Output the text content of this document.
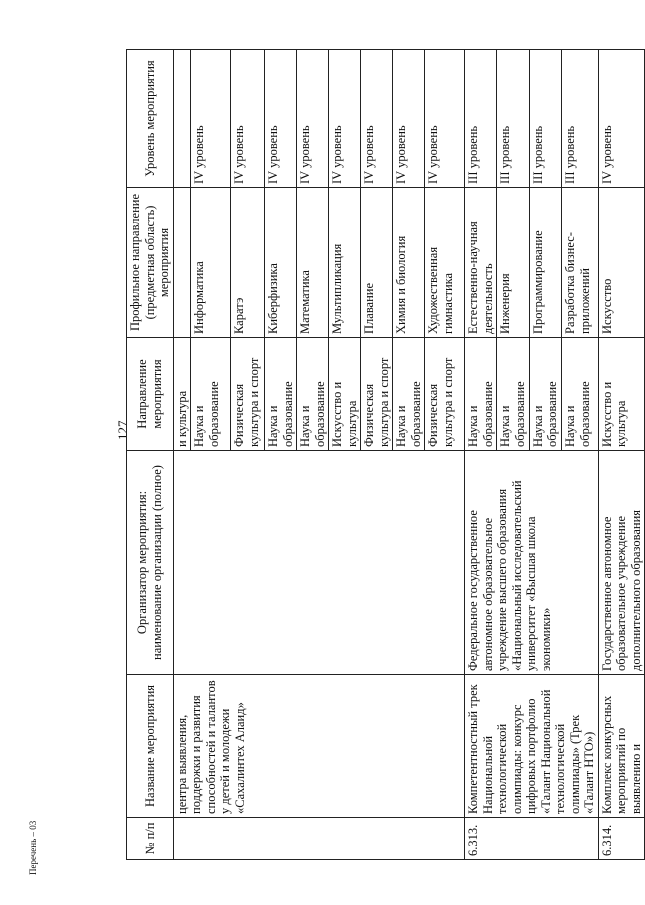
127
Перечень – 03	№ п/п	Название мероприятия	Организатор мероприятия: наименование организации (полное)	Направление мероприятия	Профильное направление (предметная область) мероприятия	Уровень мероприятия
	центра выявления, поддержки и развития способностей и талантов у детей и молодежи «Сахалинтех Алаид»		и культура		
			Наука и образование	Информатика	IV уровень
			Физическая культура и спорт	Каратэ	IV уровень
			Наука и образование	Киберфизика	IV уровень
			Наука и образование	Математика	IV уровень
			Искусство и культура	Мультипликация	IV уровень
			Физическая культура и спорт	Плавание	IV уровень
			Наука и образование	Химия и биология	IV уровень
			Физическая культура и спорт	Художественная гимнастика	IV уровень
6.313.	Компетентностный трек Национальной технологической олимпиады: конкурс цифровых портфолио «Талант Национальной технологической олимпиады» (Трек «Талант НТО»)	Федеральное государственное автономное образовательное учреждение высшего образования «Национальный исследовательский университет «Высшая школа экономики»	Наука и образование	Естественно-научная деятельность	III уровень
			Наука и образование	Инженерия	III уровень
			Наука и образование	Программирование	III уровень
			Наука и образование	Разработка бизнес-приложений	III уровень
6.314.	Комплекс конкурсных мероприятий по выявлению и	Государственное автономное образовательное учреждение дополнительного образования	Искусство и культура	Искусство	IV уровень
